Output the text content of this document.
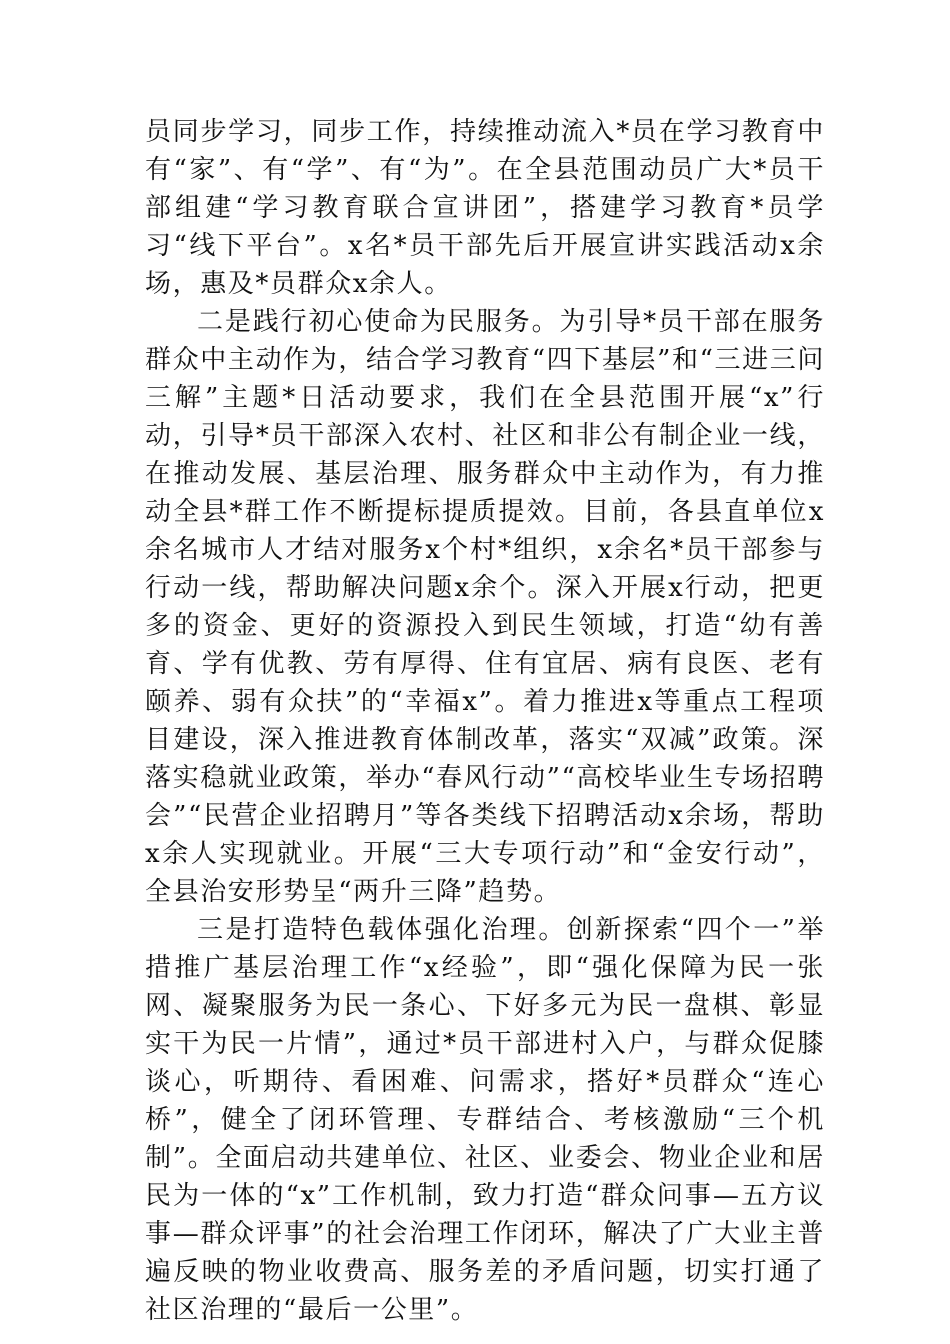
员同步学习，同步工作，持续推动流入*员在学习教育中有“家”、有“学”、有“为”。在全县范围动员广大*员干部组建“学习教育联合宣讲团”，搭建学习教育*员学习“线下平台”。x名*员干部先后开展宣讲实践活动x余场，惠及*员群众x余人。

二是践行初心使命为民服务。为引导*员干部在服务群众中主动作为，结合学习教育“四下基层”和“三进三问三解”主题*日活动要求，我们在全县范围开展“x”行动，引导*员干部深入农村、社区和非公有制企业一线，在推动发展、基层治理、服务群众中主动作为，有力推动全县*群工作不断提标提质提效。目前，各县直单位x余名城市人才结对服务x个村*组织，x余名*员干部参与行动一线，帮助解决问题x余个。深入开展x行动，把更多的资金、更好的资源投入到民生领域，打造“幼有善育、学有优教、劳有厚得、住有宜居、病有良医、老有颐养、弱有众扶”的“幸福x”。着力推进x等重点工程项目建设，深入推进教育体制改革，落实“双减”政策。深落实稳就业政策，举办“春风行动”“高校毕业生专场招聘会”“民营企业招聘月”等各类线下招聘活动x余场，帮助x余人实现就业。开展“三大专项行动”和“金安行动”，全县治安形势呈“两升三降”趋势。

三是打造特色载体强化治理。创新探索“四个一”举措推广基层治理工作“x经验”，即“强化保障为民一张网、凝聚服务为民一条心、下好多元为民一盘棋、彰显实干为民一片情”，通过*员干部进村入户，与群众促膝谈心，听期待、看困难、问需求，搭好*员群众“连心桥”，健全了闭环管理、专群结合、考核激励“三个机制”。全面启动共建单位、社区、业委会、物业企业和居民为一体的“x”工作机制，致力打造“群众问事—五方议事—群众评事”的社会治理工作闭环，解决了广大业主普遍反映的物业收费高、服务差的矛盾问题，切实打通了社区治理的“最后一公里”。
